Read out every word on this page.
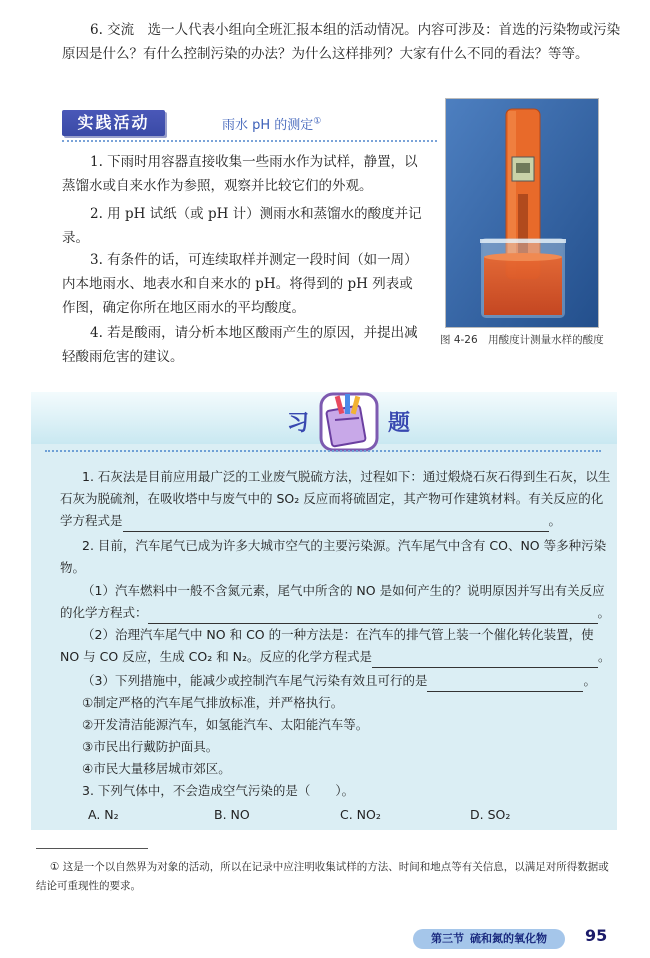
6. 交流　选一人代表小组向全班汇报本组的活动情况。内容可涉及：首选的污染物或污染原因是什么？有什么控制污染的办法？为什么这样排列？大家有什么不同的看法？等等。
实践活动	雨水 pH 的测定①
1. 下雨时用容器直接收集一些雨水作为试样，静置，以蒸馏水或自来水作为参照，观察并比较它们的外观。
2. 用 pH 试纸（或 pH 计）测雨水和蒸馏水的酸度并记录。
3. 有条件的话，可连续取样并测定一段时间（如一周）内本地雨水、地表水和自来水的 pH。将得到的 pH 列表或作图，确定你所在地区雨水的平均酸度。
4. 若是酸雨，请分析本地区酸雨产生的原因，并提出减轻酸雨危害的建议。
图 4-26　用酸度计测量水样的酸度
习	题
1. 石灰法是目前应用最广泛的工业废气脱硫方法，过程如下：通过煅烧石灰石得到生石灰，以生石灰为脱硫剂，在吸收塔中与废气中的 SO₂ 反应而将硫固定，其产物可作建筑材料。有关反应的化学方程式是	。
2. 目前，汽车尾气已成为许多大城市空气的主要污染源。汽车尾气中含有 CO、NO 等多种污染物。
（1）汽车燃料中一般不含氮元素，尾气中所含的 NO 是如何产生的？说明原因并写出有关反应的化学方程式：	。
（2）治理汽车尾气中 NO 和 CO 的一种方法是：在汽车的排气管上装一个催化转化装置，使 NO 与 CO 反应，生成 CO₂ 和 N₂。反应的化学方程式是	。
（3）下列措施中，能减少或控制汽车尾气污染有效且可行的是	。
①制定严格的汽车尾气排放标准，并严格执行。
②开发清洁能源汽车，如氢能汽车、太阳能汽车等。
③市民出行戴防护面具。
④市民大量移居城市郊区。
3. 下列气体中，不会造成空气污染的是（　　）。
A. N₂	B. NO	C. NO₂	D. SO₂
① 这是一个以自然界为对象的活动，所以在记录中应注明收集试样的方法、时间和地点等有关信息，以满足对所得数据或结论可重现性的要求。
第三节 硫和氮的氧化物	95
